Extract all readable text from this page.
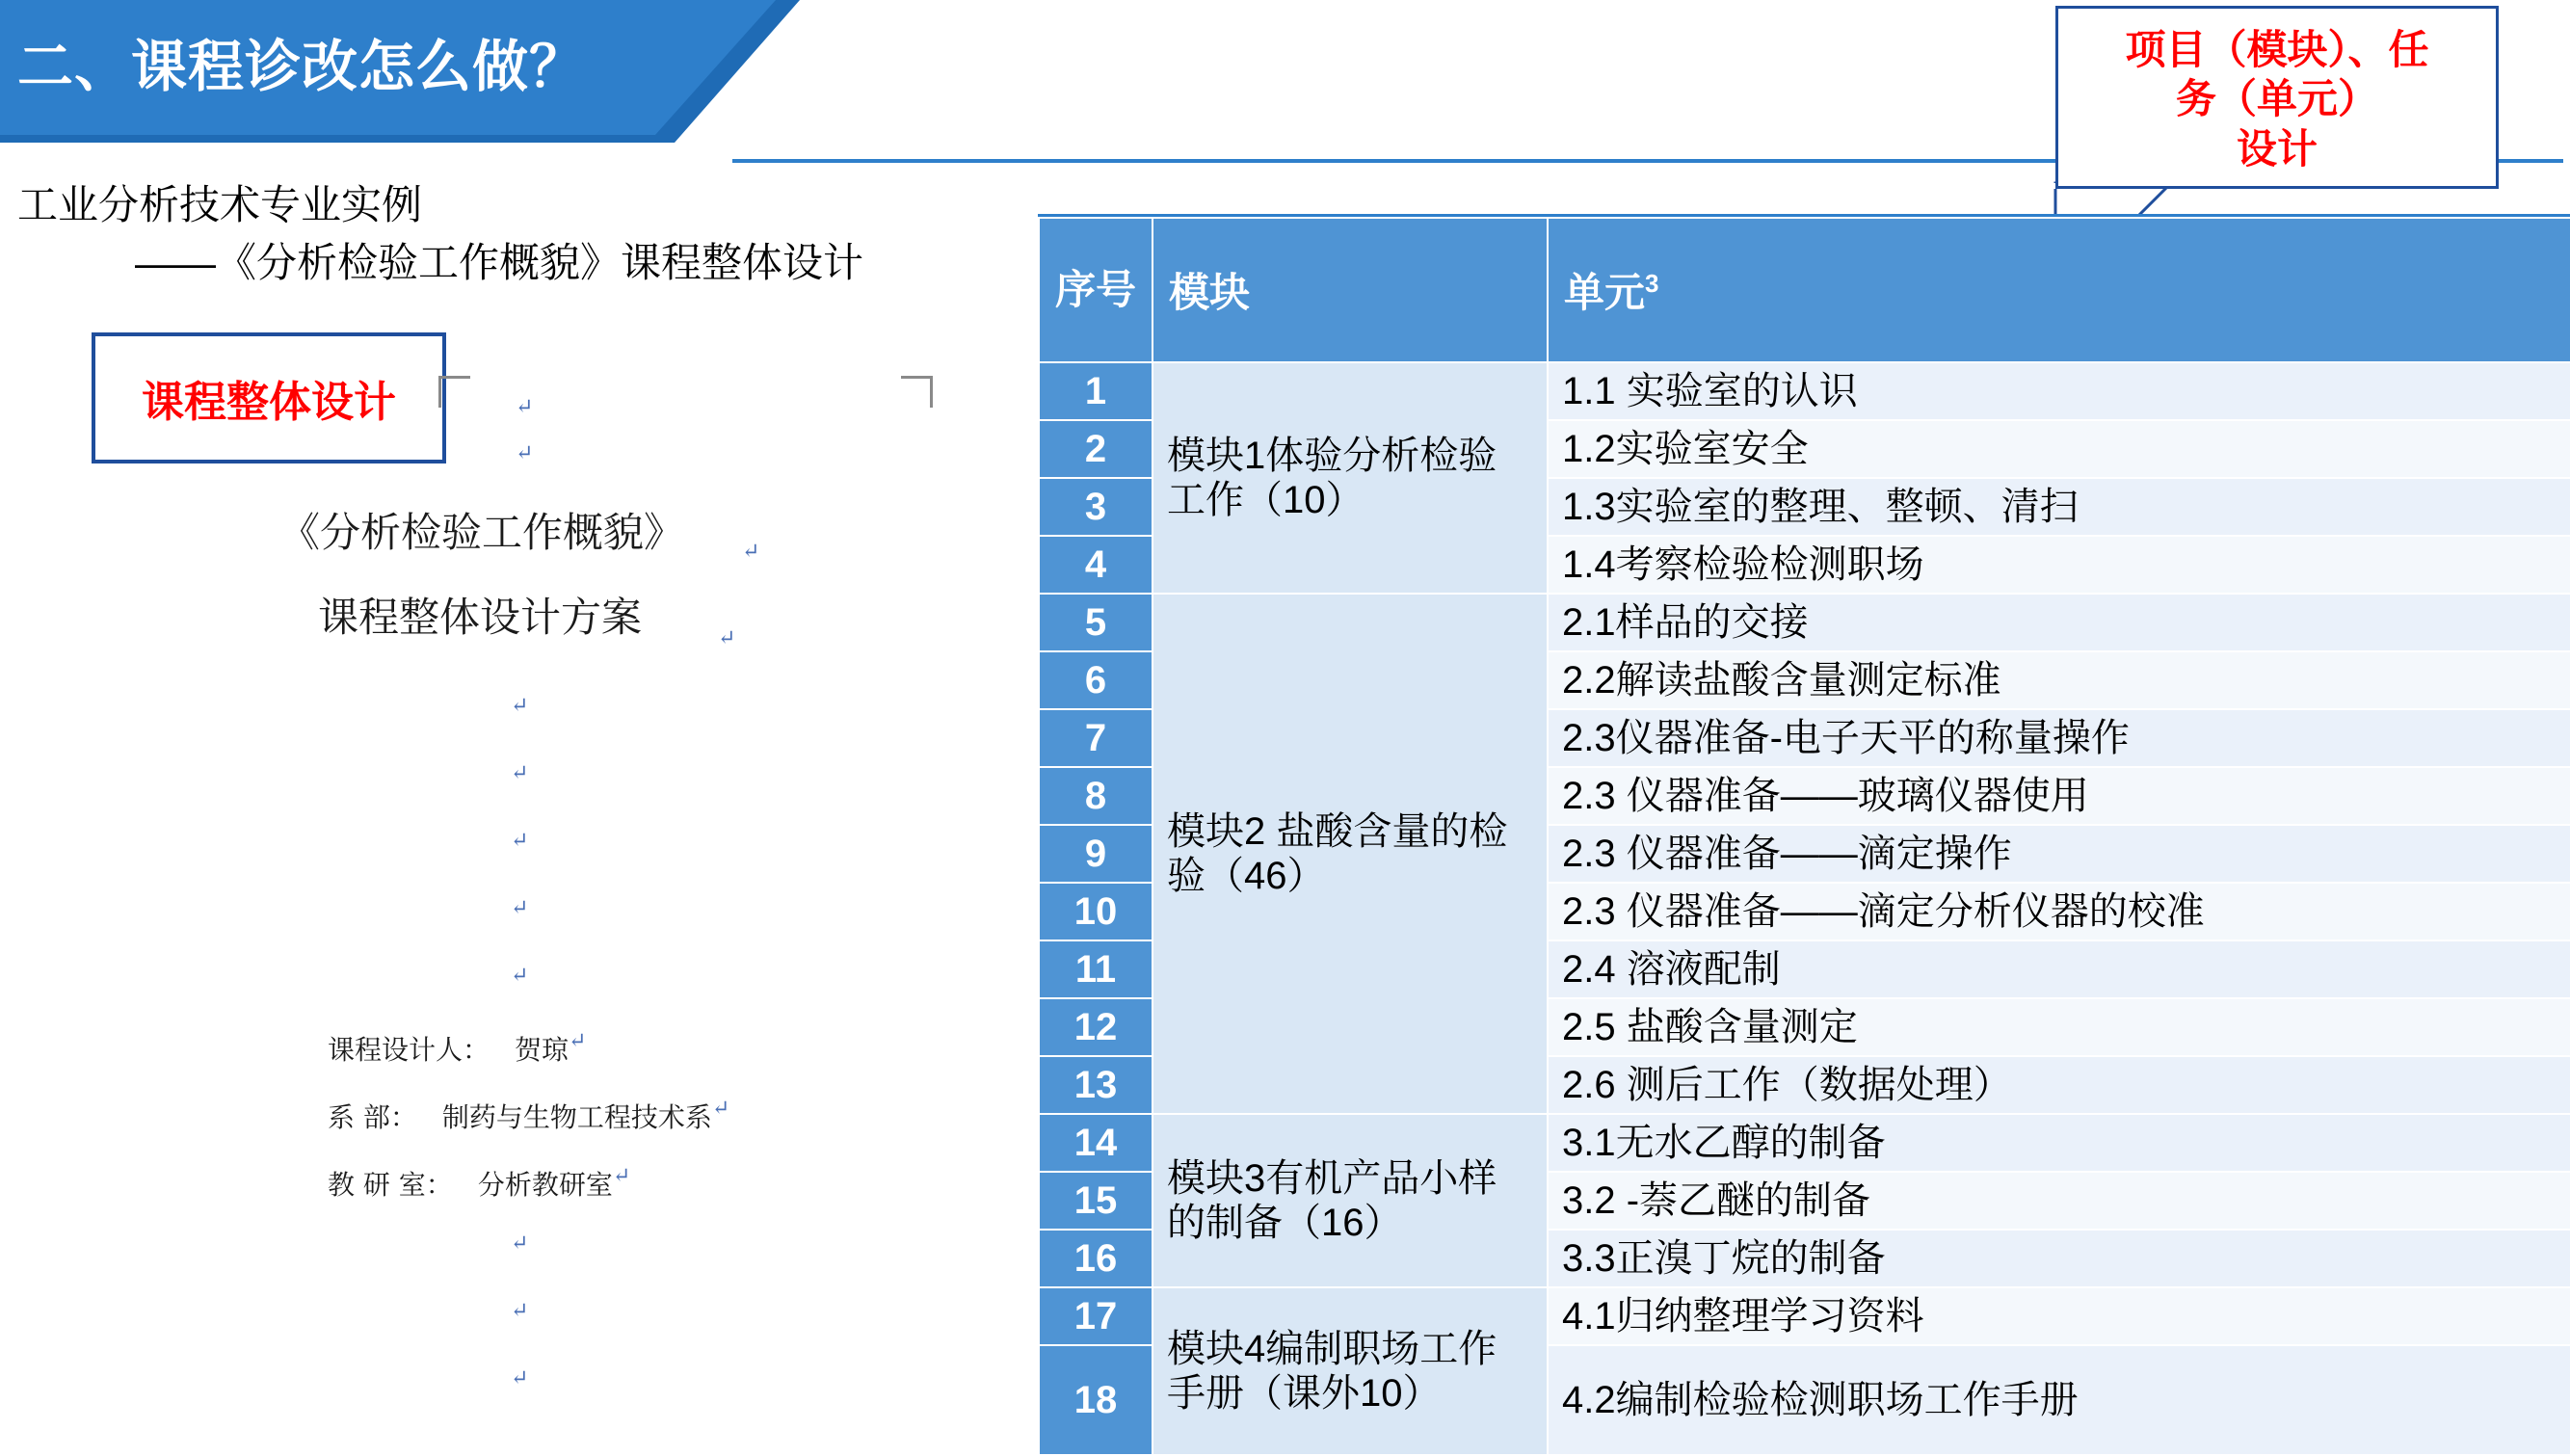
二、课程诊改怎么做？
工业分析技术专业实例
——《分析检验工作概貌》课程整体设计
课程整体设计
《分析检验工作概貌》
课程整体设计方案
↵
↵
↵
↵
↵
↵
↵
↵
↵
↵
↵
↵
课程设计人： 贺琼 ↵
系 部： 制药与生物工程技术系 ↵
教 研 室： 分析教研室 ↵
项目（模块）、任
务（单元）
设计
序号	模块	单元$^3$
1	模块1体验分析检验工作（10）	1.1 实验室的认识
2		1.2实验室安全
3		1.3实验室的整理、整顿、清扫
4		1.4考察检验检测职场
5	模块2 盐酸含量的检验（46）	2.1样品的交接
6		2.2解读盐酸含量测定标准
7		2.3仪器准备-电子天平的称量操作
8		2.3 仪器准备——玻璃仪器使用
9		2.3 仪器准备——滴定操作
10		2.3 仪器准备——滴定分析仪器的校准
11		2.4 溶液配制
12		2.5 盐酸含量测定
13		2.6 测后工作（数据处理）
14	模块3有机产品小样的制备（16）	3.1无水乙醇的制备
15		3.2 -萘乙醚的制备
16		3.3正溴丁烷的制备
17	模块4编制职场工作手册（课外10）	4.1归纳整理学习资料
18		4.2编制检验检测职场工作手册
